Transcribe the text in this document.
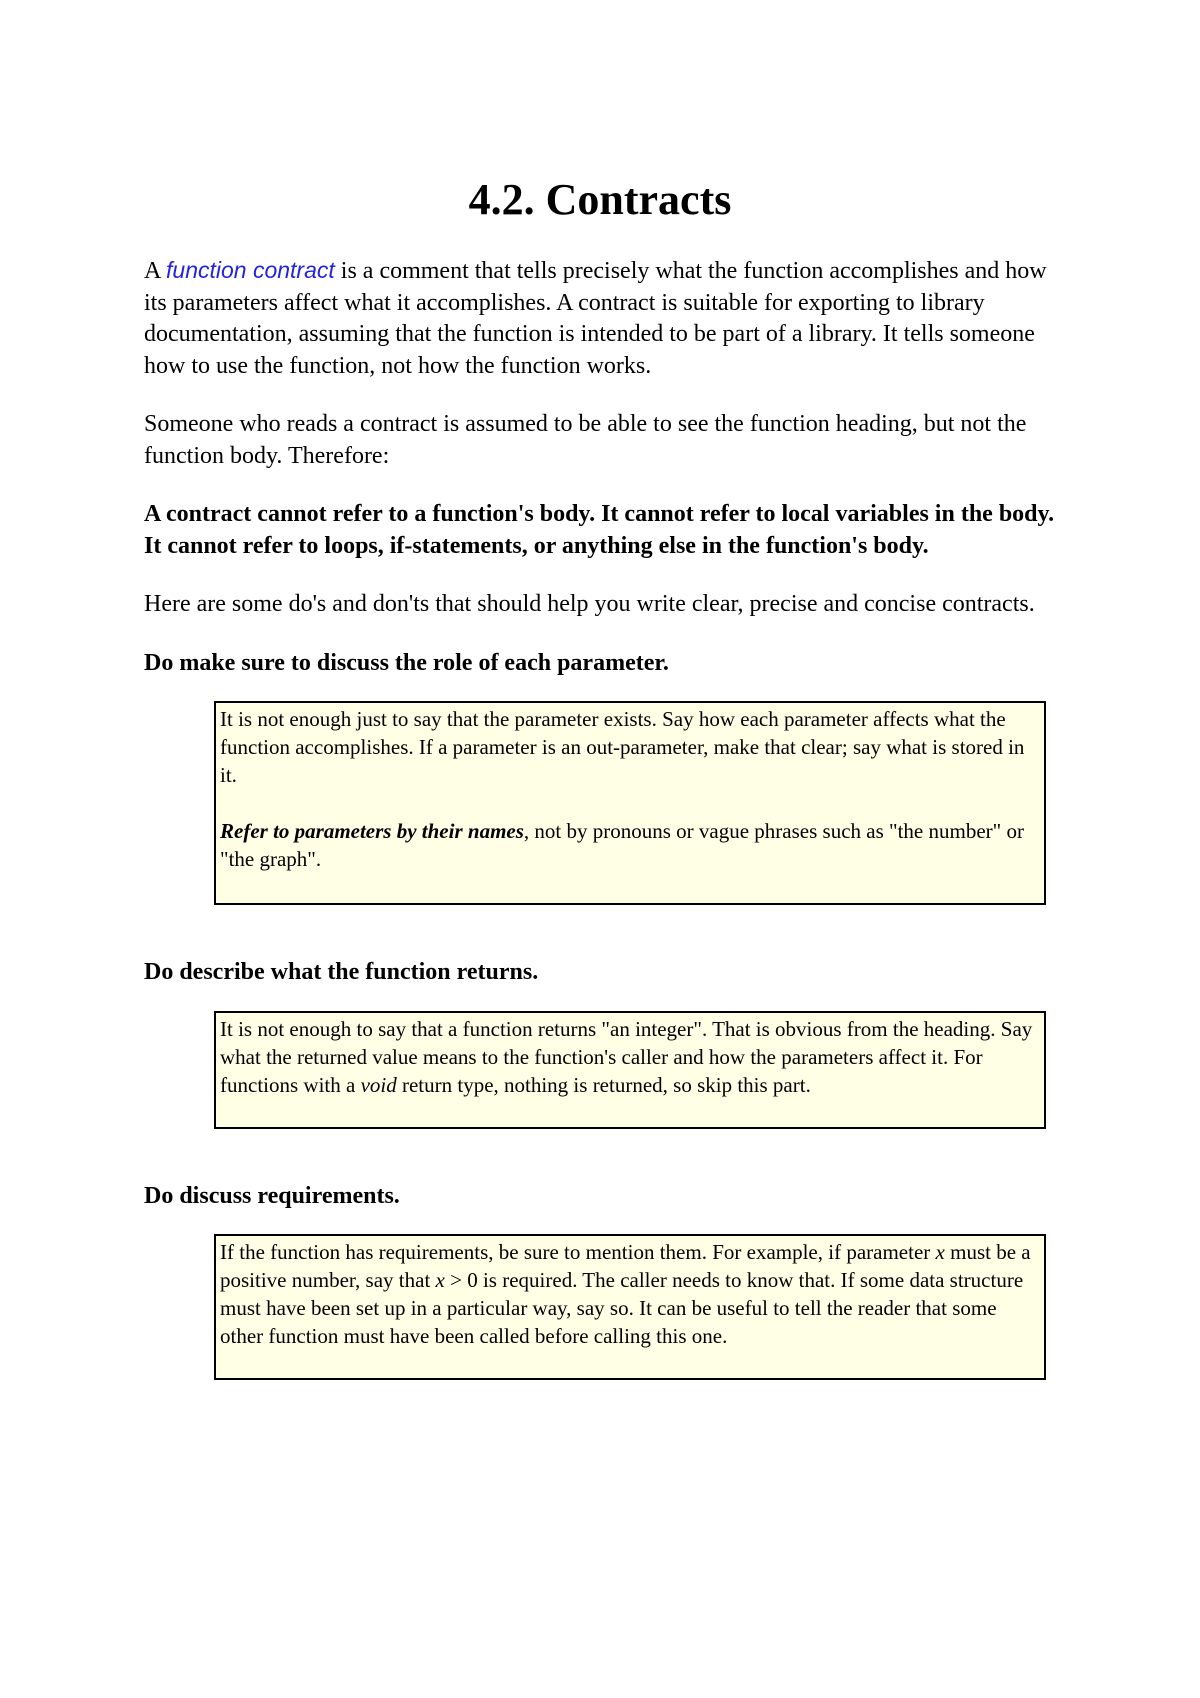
4.2. Contracts

A function contract is a comment that tells precisely what the function accomplishes and how its parameters affect what it accomplishes. A contract is suitable for exporting to library documentation, assuming that the function is intended to be part of a library. It tells someone how to use the function, not how the function works.

Someone who reads a contract is assumed to be able to see the function heading, but not the function body. Therefore:

A contract cannot refer to a function's body. It cannot refer to local variables in the body. It cannot refer to loops, if-statements, or anything else in the function's body.

Here are some do's and don'ts that should help you write clear, precise and concise contracts.

Do make sure to discuss the role of each parameter.

It is not enough just to say that the parameter exists. Say how each parameter affects what the function accomplishes. If a parameter is an out-parameter, make that clear; say what is stored in it.

Refer to parameters by their names, not by pronouns or vague phrases such as "the number" or "the graph".

Do describe what the function returns.

It is not enough to say that a function returns "an integer". That is obvious from the heading. Say what the returned value means to the function's caller and how the parameters affect it. For functions with a void return type, nothing is returned, so skip this part.

Do discuss requirements.

If the function has requirements, be sure to mention them. For example, if parameter x must be a positive number, say that x > 0 is required. The caller needs to know that. If some data structure must have been set up in a particular way, say so. It can be useful to tell the reader that some other function must have been called before calling this one.
